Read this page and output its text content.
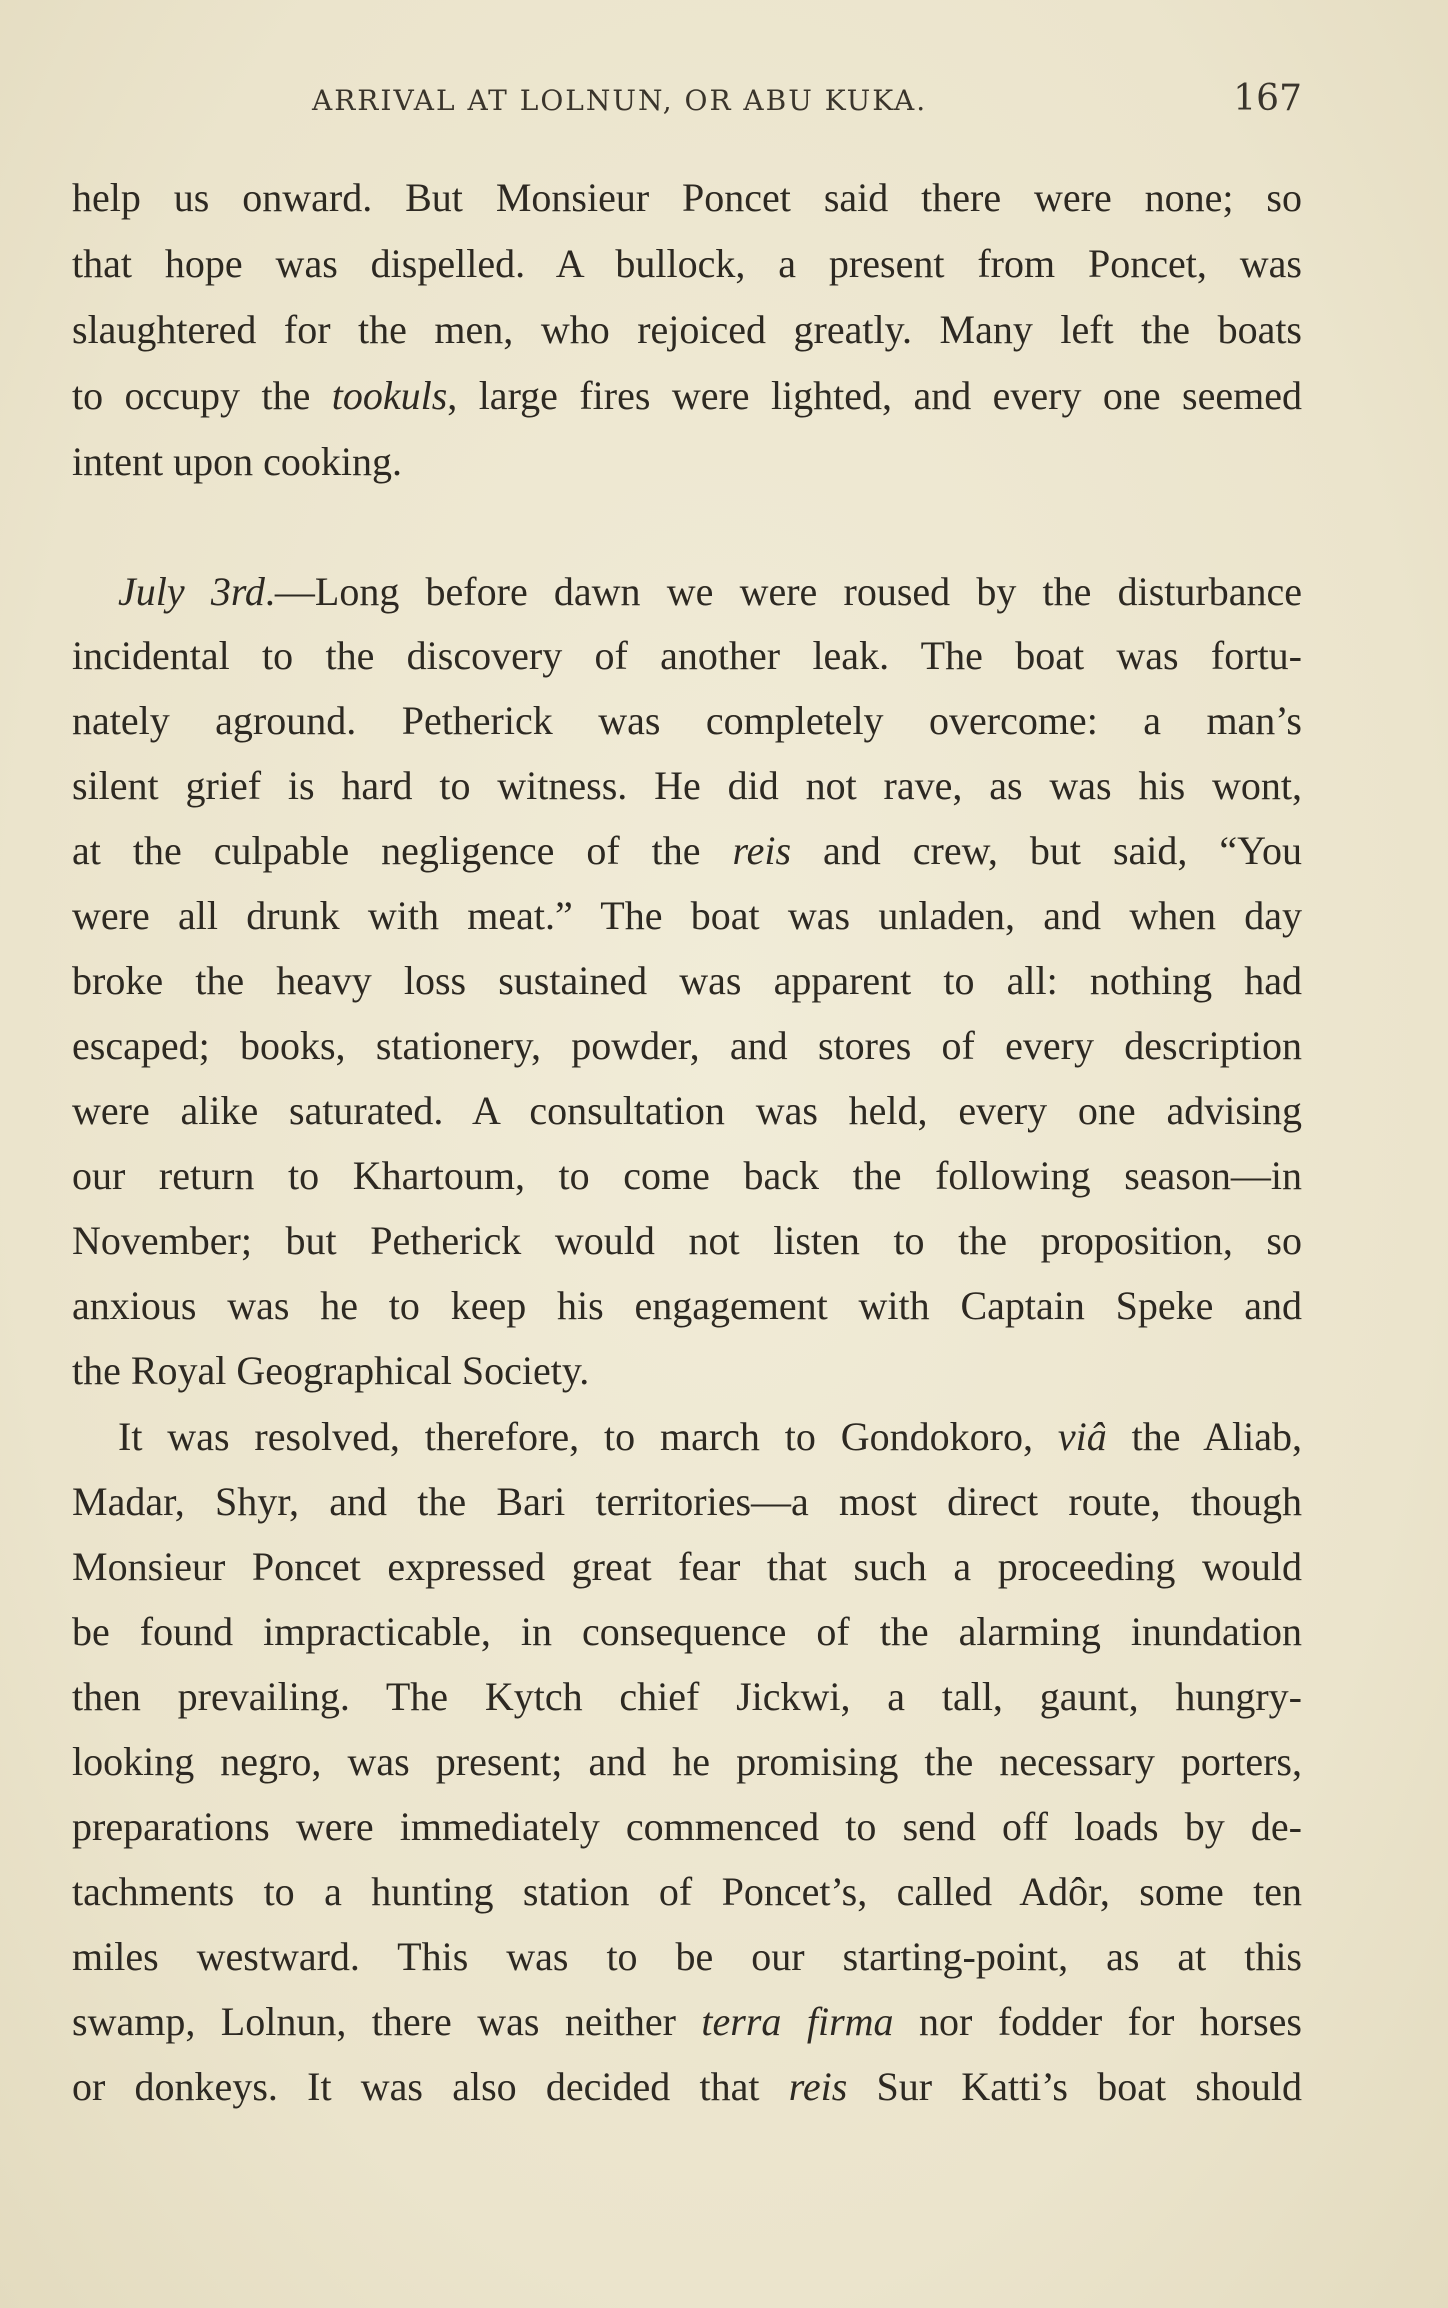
ARRIVAL AT LOLNUN, OR ABU KUKA.	167
help us onward. But Monsieur Poncet said there were none; so
that hope was dispelled. A bullock, a present from Poncet, was
slaughtered for the men, who rejoiced greatly. Many left the boats
to occupy the tookuls, large fires were lighted, and every one seemed
intent upon cooking.
July 3rd.—Long before dawn we were roused by the disturbance
incidental to the discovery of another leak. The boat was fortu-
nately aground. Petherick was completely overcome: a man’s
silent grief is hard to witness. He did not rave, as was his wont,
at the culpable negligence of the reis and crew, but said, “You
were all drunk with meat.” The boat was unladen, and when day
broke the heavy loss sustained was apparent to all: nothing had
escaped; books, stationery, powder, and stores of every description
were alike saturated. A consultation was held, every one advising
our return to Khartoum, to come back the following season—in
November; but Petherick would not listen to the proposition, so
anxious was he to keep his engagement with Captain Speke and
the Royal Geographical Society.
It was resolved, therefore, to march to Gondokoro, viâ the Aliab,
Madar, Shyr, and the Bari territories—a most direct route, though
Monsieur Poncet expressed great fear that such a proceeding would
be found impracticable, in consequence of the alarming inundation
then prevailing. The Kytch chief Jickwi, a tall, gaunt, hungry-
looking negro, was present; and he promising the necessary porters,
preparations were immediately commenced to send off loads by de-
tachments to a hunting station of Poncet’s, called Adôr, some ten
miles westward. This was to be our starting-point, as at this
swamp, Lolnun, there was neither terra firma nor fodder for horses
or donkeys. It was also decided that reis Sur Katti’s boat should
